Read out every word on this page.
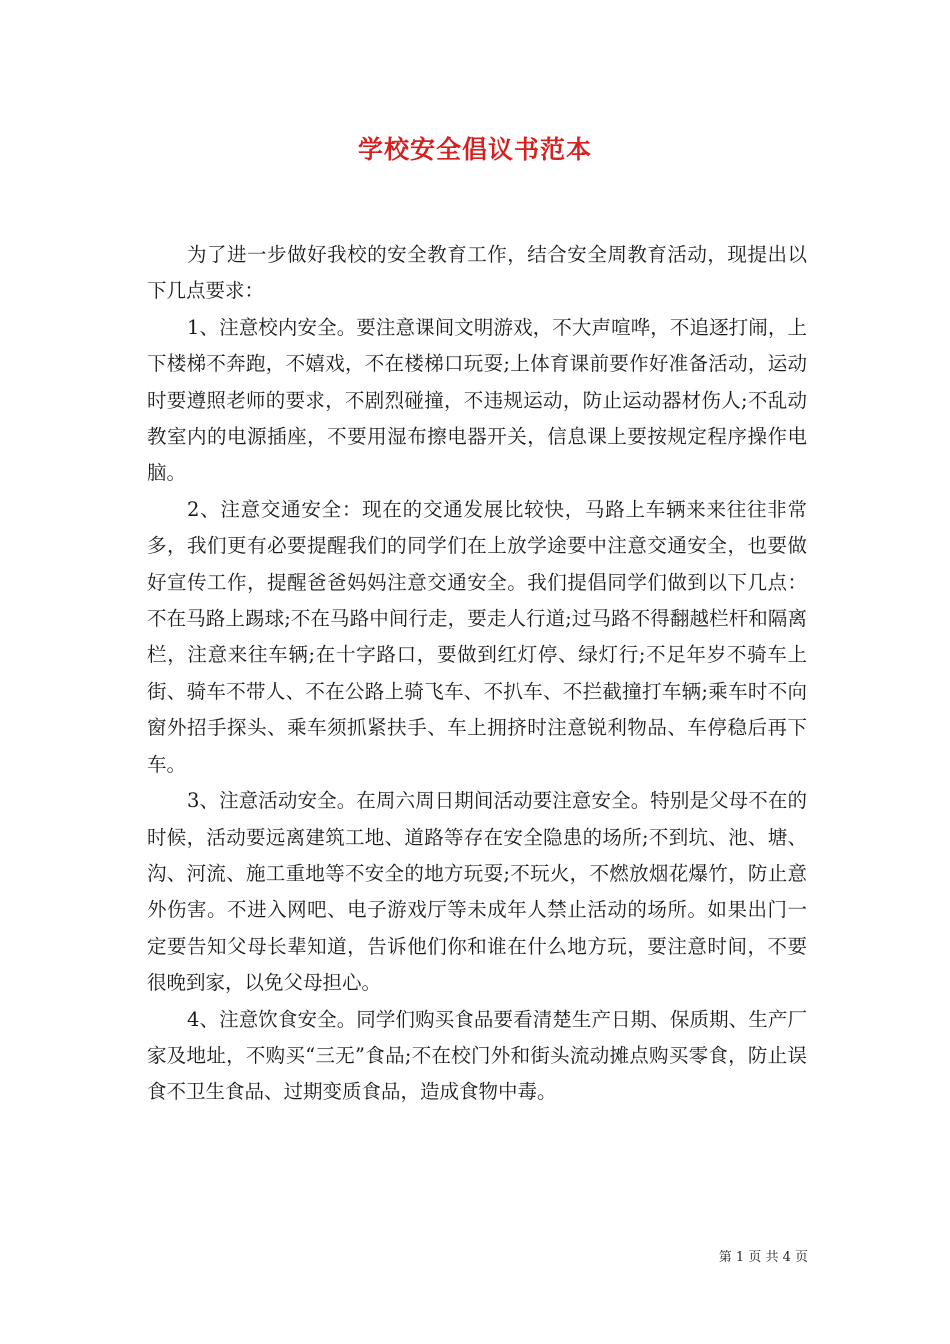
学校安全倡议书范本

为了进一步做好我校的安全教育工作，结合安全周教育活动，现提出以下几点要求：

1、注意校内安全。要注意课间文明游戏，不大声喧哗，不追逐打闹，上下楼梯不奔跑，不嬉戏，不在楼梯口玩耍;上体育课前要作好准备活动，运动时要遵照老师的要求，不剧烈碰撞，不违规运动，防止运动器材伤人;不乱动教室内的电源插座，不要用湿布擦电器开关，信息课上要按规定程序操作电脑。

2、注意交通安全：现在的交通发展比较快，马路上车辆来来往往非常多，我们更有必要提醒我们的同学们在上放学途要中注意交通安全，也要做好宣传工作，提醒爸爸妈妈注意交通安全。我们提倡同学们做到以下几点：不在马路上踢球;不在马路中间行走，要走人行道;过马路不得翻越栏杆和隔离栏，注意来往车辆;在十字路口，要做到红灯停、绿灯行;不足年岁不骑车上街、骑车不带人、不在公路上骑飞车、不扒车、不拦截撞打车辆;乘车时不向窗外招手探头、乘车须抓紧扶手、车上拥挤时注意锐利物品、车停稳后再下车。

3、注意活动安全。在周六周日期间活动要注意安全。特别是父母不在的时候，活动要远离建筑工地、道路等存在安全隐患的场所;不到坑、池、塘、沟、河流、施工重地等不安全的地方玩耍;不玩火，不燃放烟花爆竹，防止意外伤害。不进入网吧、电子游戏厅等未成年人禁止活动的场所。如果出门一定要告知父母长辈知道，告诉他们你和谁在什么地方玩，要注意时间，不要很晚到家，以免父母担心。

4、注意饮食安全。同学们购买食品要看清楚生产日期、保质期、生产厂家及地址，不购买“三无”食品;不在校门外和街头流动摊点购买零食，防止误食不卫生食品、过期变质食品，造成食物中毒。

第 1 页 共 4 页
